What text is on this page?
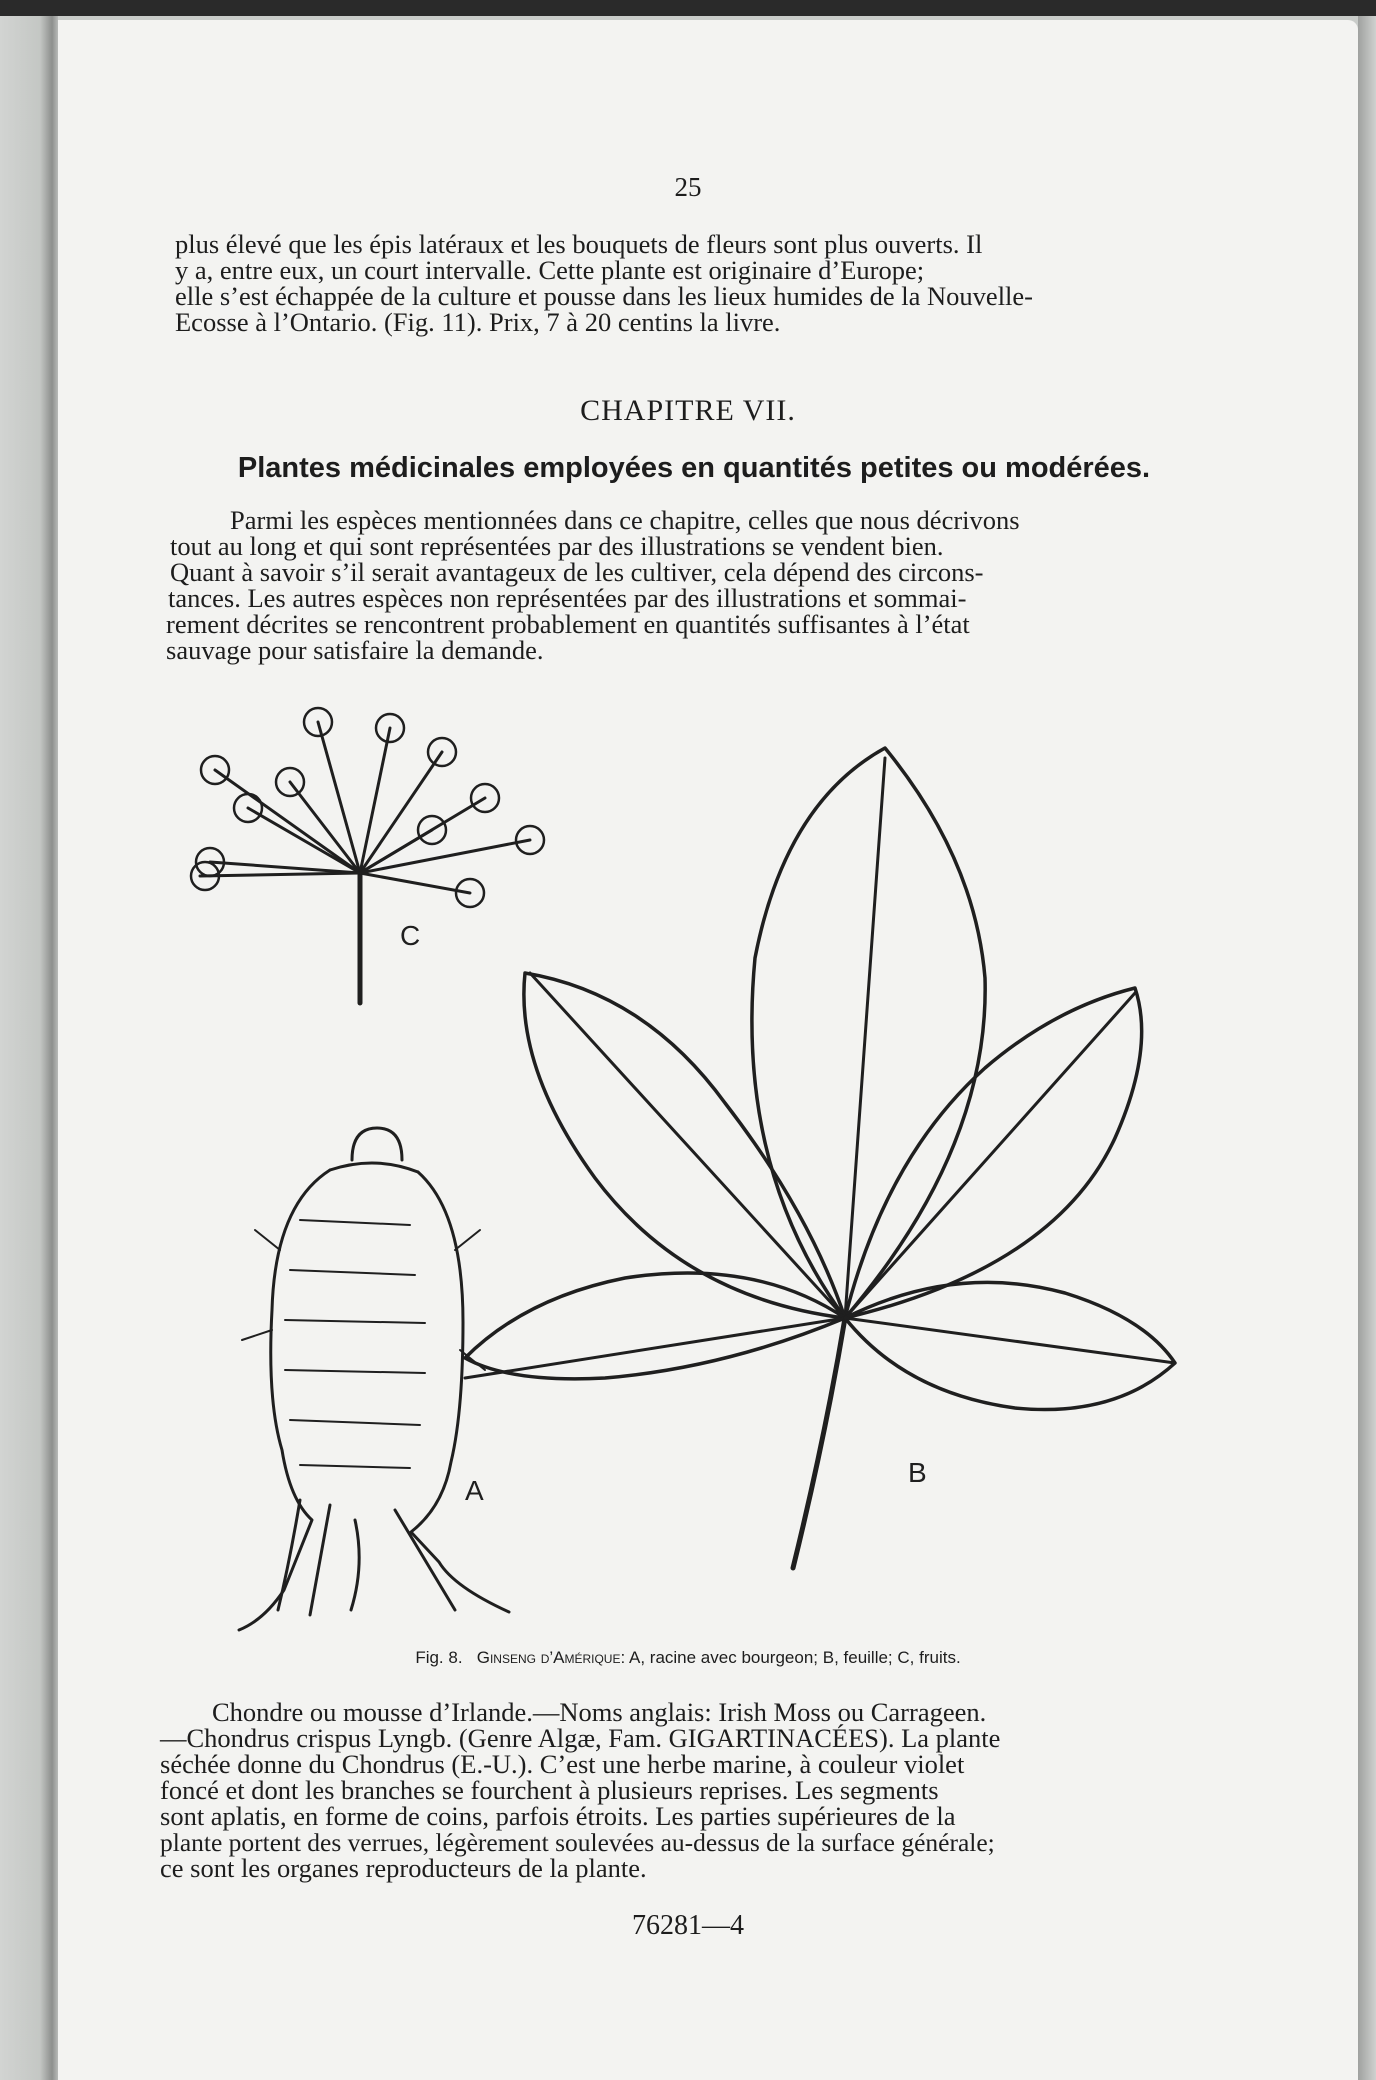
25
plus élevé que les épis latéraux et les bouquets de fleurs sont plus ouverts. Il
y a, entre eux, un court intervalle. Cette plante est originaire d’Europe;
elle s’est échappée de la culture et pousse dans les lieux humides de la Nouvelle-
Ecosse à l’Ontario. (Fig. 11). Prix, 7 à 20 centins la livre.
CHAPITRE VII.
Plantes médicinales employées en quantités petites ou modérées.
Parmi les espèces mentionnées dans ce chapitre, celles que nous décrivons
tout au long et qui sont représentées par des illustrations se vendent bien.
Quant à savoir s’il serait avantageux de les cultiver, cela dépend des circons-
tances. Les autres espèces non représentées par des illustrations et sommai-
rement décrites se rencontrent probablement en quantités suffisantes à l’état
sauvage pour satisfaire la demande.
C
A
B
Fig. 8. Ginseng d’Amérique: A, racine avec bourgeon; B, feuille; C, fruits.
Chondre ou mousse d’Irlande.—Noms anglais: Irish Moss ou Carrageen.
—Chondrus crispus Lyngb. (Genre Algæ, Fam. GIGARTINACÉES). La plante
séchée donne du Chondrus (E.-U.). C’est une herbe marine, à couleur violet
foncé et dont les branches se fourchent à plusieurs reprises. Les segments
sont aplatis, en forme de coins, parfois étroits. Les parties supérieures de la
plante portent des verrues, légèrement soulevées au-dessus de la surface générale;
ce sont les organes reproducteurs de la plante.
76281—4
